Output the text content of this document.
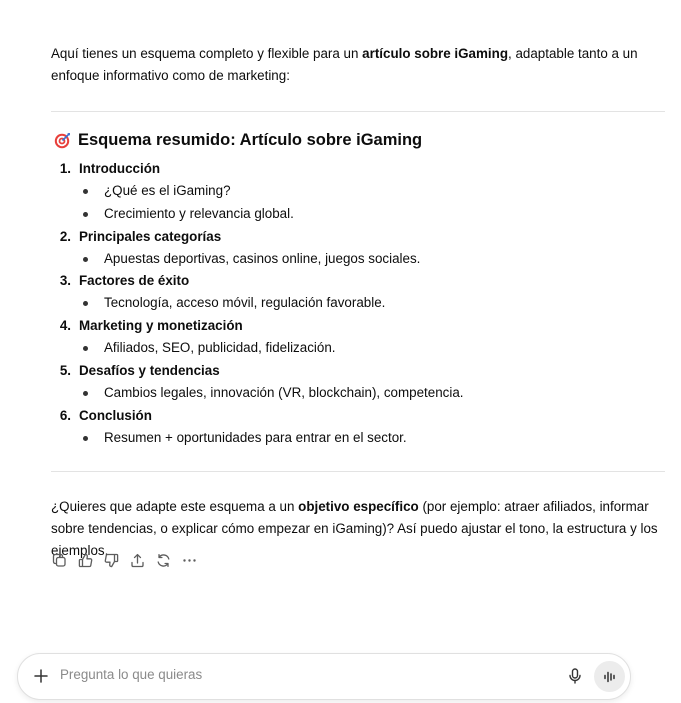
Aquí tienes un esquema completo y flexible para un artículo sobre iGaming, adaptable tanto a un enfoque informativo como de marketing:

Esquema resumido: Artículo sobre iGaming
1. Introducción
¿Qué es el iGaming?
Crecimiento y relevancia global.
2. Principales categorías
Apuestas deportivas, casinos online, juegos sociales.
3. Factores de éxito
Tecnología, acceso móvil, regulación favorable.
4. Marketing y monetización
Afiliados, SEO, publicidad, fidelización.
5. Desafíos y tendencias
Cambios legales, innovación (VR, blockchain), competencia.
6. Conclusión
Resumen + oportunidades para entrar en el sector.

¿Quieres que adapte este esquema a un objetivo específico (por ejemplo: atraer afiliados, informar sobre tendencias, o explicar cómo empezar en iGaming)? Así puedo ajustar el tono, la estructura y los ejemplos.

Pregunta lo que quieras
